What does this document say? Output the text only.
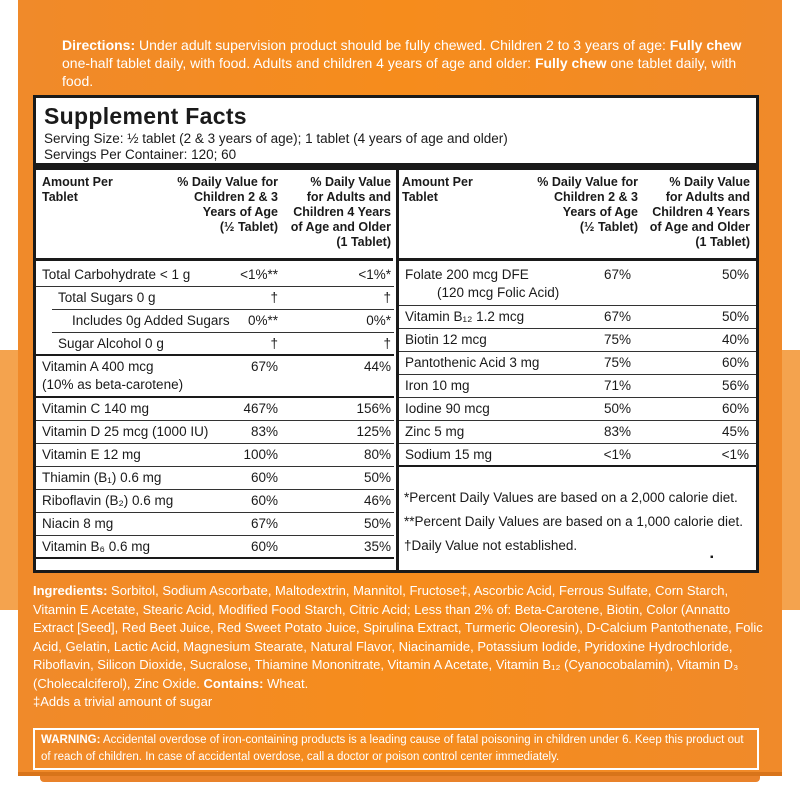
Directions: Under adult supervision product should be fully chewed. Children 2 to 3 years of age: Fully chew one-half tablet daily, with food. Adults and children 4 years of age and older: Fully chew one tablet daily, with food.
Supplement Facts
Serving Size: ½ tablet (2 & 3 years of age); 1 tablet (4 years of age and older)
Servings Per Container: 120; 60
Amount Per
Tablet
% Daily Value for
Children 2 & 3
Years of Age
(½ Tablet)
% Daily Value
for Adults and
Children 4 Years
of Age and Older
(1 Tablet)
Amount Per
Tablet
% Daily Value for
Children 2 & 3
Years of Age
(½ Tablet)
% Daily Value
for Adults and
Children 4 Years
of Age and Older
(1 Tablet)
Total Carbohydrate < 1 g	<1%**	<1%*
Total Sugars 0 g	†	†
Includes 0g Added Sugars	0%**	0%*
Sugar Alcohol 0 g	†	†
Vitamin A 400 mcg
(10% as beta-carotene)
67%	44%
Vitamin C 140 mg	467%	156%
Vitamin D 25 mcg (1000 IU)	83%	125%
Vitamin E 12 mg	100%	80%
Thiamin (B₁) 0.6 mg	60%	50%
Riboflavin (B₂) 0.6 mg	60%	46%
Niacin 8 mg	67%	50%
Vitamin B₆ 0.6 mg	60%	35%
Folate 200 mcg DFE
(120 mcg Folic Acid)
67%	50%
Vitamin B₁₂ 1.2 mcg	67%	50%
Biotin 12 mcg	75%	40%
Pantothenic Acid 3 mg	75%	60%
Iron 10 mg	71%	56%
Iodine 90 mcg	50%	60%
Zinc 5 mg	83%	45%
Sodium 15 mg	<1%	<1%
*Percent Daily Values are based on a 2,000 calorie diet.
**Percent Daily Values are based on a 1,000 calorie diet.
†Daily Value not established.
▪
Ingredients: Sorbitol, Sodium Ascorbate, Maltodextrin, Mannitol, Fructose‡, Ascorbic Acid, Ferrous Sulfate, Corn Starch, Vitamin E Acetate, Stearic Acid, Modified Food Starch, Citric Acid; Less than 2% of: Beta-Carotene, Biotin, Color (Annatto Extract [Seed], Red Beet Juice, Red Sweet Potato Juice, Spirulina Extract, Turmeric Oleoresin), D-Calcium Pantothenate, Folic Acid, Gelatin, Lactic Acid, Magnesium Stearate, Natural Flavor, Niacinamide, Potassium Iodide, Pyridoxine Hydrochloride, Riboflavin, Silicon Dioxide, Sucralose, Thiamine Mononitrate, Vitamin A Acetate, Vitamin B₁₂ (Cyanocobalamin), Vitamin D₃ (Cholecalciferol), Zinc Oxide. Contains: Wheat.
‡Adds a trivial amount of sugar
WARNING: Accidental overdose of iron-containing products is a leading cause of fatal poisoning in children under 6. Keep this product out of reach of children. In case of accidental overdose, call a doctor or poison control center immediately.
